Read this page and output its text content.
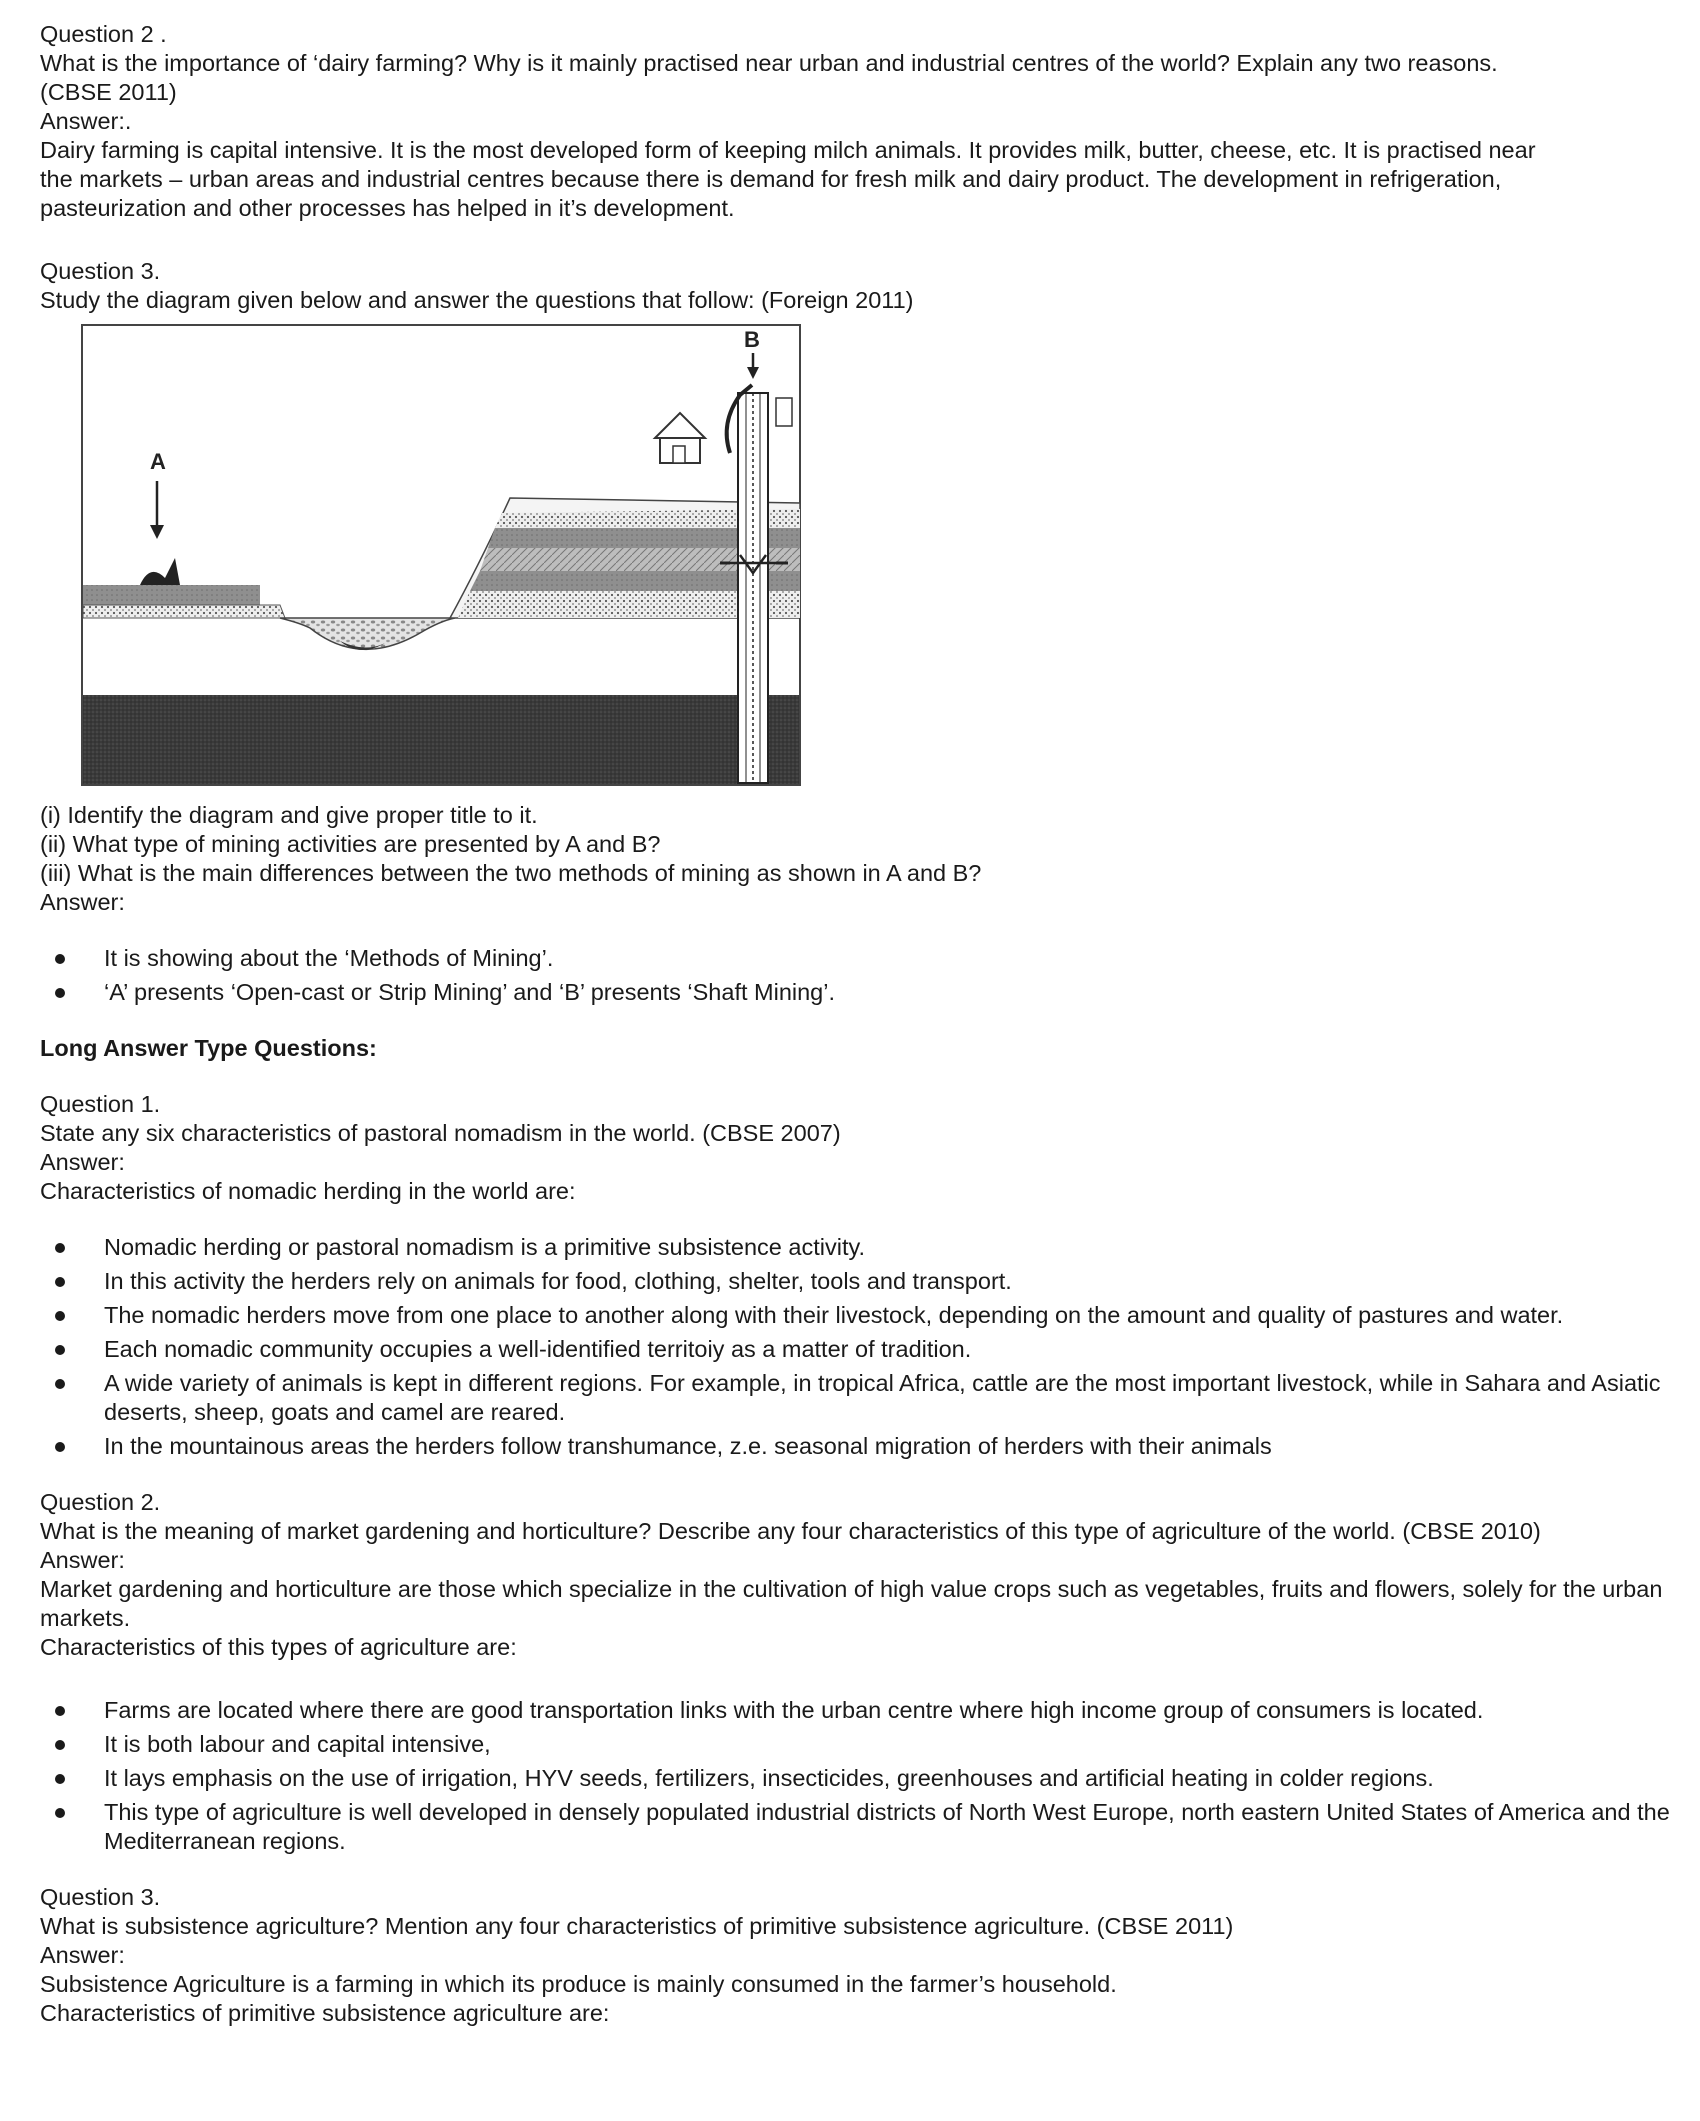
Question 2 .
What is the importance of ‘dairy farming? Why is it mainly practised near urban and industrial centres of the world? Explain any two reasons.
(CBSE 2011)
Answer:.
Dairy farming is capital intensive. It is the most developed form of keeping milch animals. It provides milk, butter, cheese, etc. It is practised near
the markets – urban areas and industrial centres because there is demand for fresh milk and dairy product. The development in refrigeration,
pasteurization and other processes has helped in it’s development.
Question 3.
Study the diagram given below and answer the questions that follow: (Foreign 2011)
A
B
(i) Identify the diagram and give proper title to it.
(ii) What type of mining activities are presented by A and B?
(iii) What is the main differences between the two methods of mining as shown in A and B?
Answer:
It is showing about the ‘Methods of Mining’.
‘A’ presents ‘Open-cast or Strip Mining’ and ‘B’ presents ‘Shaft Mining’.
Long Answer Type Questions:
Question 1.
State any six characteristics of pastoral nomadism in the world. (CBSE 2007)
Answer:
Characteristics of nomadic herding in the world are:
Nomadic herding or pastoral nomadism is a primitive subsistence activity.
In this activity the herders rely on animals for food, clothing, shelter, tools and transport.
The nomadic herders move from one place to another along with their livestock, depending on the amount and quality of pastures and water.
Each nomadic community occupies a well-identified territoiy as a matter of tradition.
A wide variety of animals is kept in different regions. For example, in tropical Africa, cattle are the most important livestock, while in Sahara and Asiatic deserts, sheep, goats and camel are reared.
In the mountainous areas the herders follow transhumance, z.e. seasonal migration of herders with their animals
Question 2.
What is the meaning of market gardening and horticulture? Describe any four characteristics of this type of agriculture of the world. (CBSE 2010)
Answer:
Market gardening and horticulture are those which specialize in the cultivation of high value crops such as vegetables, fruits and flowers, solely for the urban markets.
Characteristics of this types of agriculture are:
Farms are located where there are good transportation links with the urban centre where high income group of consumers is located.
It is both labour and capital intensive,
It lays emphasis on the use of irrigation, HYV seeds, fertilizers, insecticides, greenhouses and artificial heating in colder regions.
This type of agriculture is well developed in densely populated industrial districts of North West Europe, north eastern United States of America and the Mediterranean regions.
Question 3.
What is subsistence agriculture? Mention any four characteristics of primitive subsistence agriculture. (CBSE 2011)
Answer:
Subsistence Agriculture is a farming in which its produce is mainly consumed in the farmer’s household.
Characteristics of primitive subsistence agriculture are:
